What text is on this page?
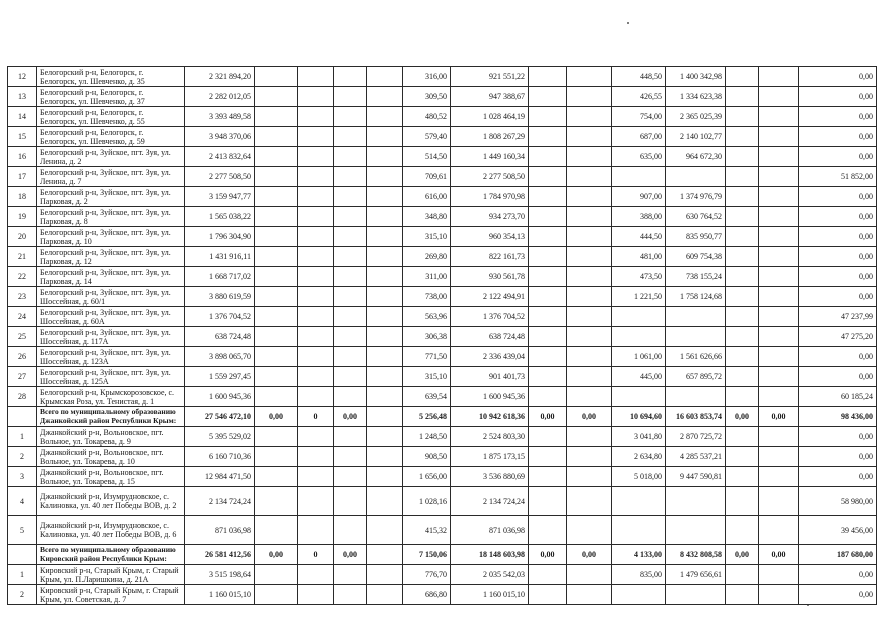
12	Белогорский р-н, Белогорск, г. Белогорск, ул. Шевченко, д. 35	2 321 894,20					316,00	921 551,22			448,50	1 400 342,98			0,00
13	Белогорский р-н, Белогорск, г. Белогорск, ул. Шевченко, д. 37	2 282 012,05					309,50	947 388,67			426,55	1 334 623,38			0,00
14	Белогорский р-н, Белогорск, г. Белогорск, ул. Шевченко, д. 55	3 393 489,58					480,52	1 028 464,19			754,00	2 365 025,39			0,00
15	Белогорский р-н, Белогорск, г. Белогорск, ул. Шевченко, д. 59	3 948 370,06					579,40	1 808 267,29			687,00	2 140 102,77			0,00
16	Белогорский р-н, Зуйское, пгт. Зуя, ул. Ленина, д. 2	2 413 832,64					514,50	1 449 160,34			635,00	964 672,30			0,00
17	Белогорский р-н, Зуйское, пгт. Зуя, ул. Ленина, д. 7	2 277 508,50					709,61	2 277 508,50							51 852,00
18	Белогорский р-н, Зуйское, пгт. Зуя, ул. Парковая, д. 2	3 159 947,77					616,00	1 784 970,98			907,00	1 374 976,79			0,00
19	Белогорский р-н, Зуйское, пгт. Зуя, ул. Парковая, д. 8	1 565 038,22					348,80	934 273,70			388,00	630 764,52			0,00
20	Белогорский р-н, Зуйское, пгт. Зуя, ул. Парковая, д. 10	1 796 304,90					315,10	960 354,13			444,50	835 950,77			0,00
21	Белогорский р-н, Зуйское, пгт. Зуя, ул. Парковая, д. 12	1 431 916,11					269,80	822 161,73			481,00	609 754,38			0,00
22	Белогорский р-н, Зуйское, пгт. Зуя, ул. Парковая, д. 14	1 668 717,02					311,00	930 561,78			473,50	738 155,24			0,00
23	Белогорский р-н, Зуйское, пгт. Зуя, ул. Шоссейная, д. 60/1	3 880 619,59					738,00	2 122 494,91			1 221,50	1 758 124,68			0,00
24	Белогорский р-н, Зуйское, пгт. Зуя, ул. Шоссейная, д. 60А	1 376 704,52					563,96	1 376 704,52							47 237,99
25	Белогорский р-н, Зуйское, пгт. Зуя, ул. Шоссейная, д. 117А	638 724,48					306,38	638 724,48							47 275,20
26	Белогорский р-н, Зуйское, пгт. Зуя, ул. Шоссейная, д. 123А	3 898 065,70					771,50	2 336 439,04			1 061,00	1 561 626,66			0,00
27	Белогорский р-н, Зуйское, пгт. Зуя, ул. Шоссейная, д. 125А	1 559 297,45					315,10	901 401,73			445,00	657 895,72			0,00
28	Белогорский р-н, Крымскорозовское, с. Крымская Роза, ул. Тенистая, д. 1	1 600 945,36					639,54	1 600 945,36							60 185,24
	Всего по муниципальному образованию Джанкойский район Республики Крым:	27 546 472,10	0,00	0	0,00		5 256,48	10 942 618,36	0,00	0,00	10 694,60	16 603 853,74	0,00	0,00	98 436,00
1	Джанкойский р-н, Вольновское, пгт. Вольное, ул. Токарева, д. 9	5 395 529,02					1 248,50	2 524 803,30			3 041,80	2 870 725,72			0,00
2	Джанкойский р-н, Вольновское, пгт. Вольное, ул. Токарева, д. 10	6 160 710,36					908,50	1 875 173,15			2 634,80	4 285 537,21			0,00
3	Джанкойский р-н, Вольновское, пгт. Вольное, ул. Токарева, д. 15	12 984 471,50					1 656,00	3 536 880,69			5 018,00	9 447 590,81			0,00
4	Джанкойский р-н, Изумрудновское, с. Калиновка, ул. 40 лет Победы ВОВ, д. 2	2 134 724,24					1 028,16	2 134 724,24							58 980,00
5	Джанкойский р-н, Изумрудновское, с. Калиновка, ул. 40 лет Победы ВОВ, д. 6	871 036,98					415,32	871 036,98							39 456,00
	Всего по муниципальному образованию Кировский район Республики Крым:	26 581 412,56	0,00	0	0,00		7 150,06	18 148 603,98	0,00	0,00	4 133,00	8 432 808,58	0,00	0,00	187 680,00
1	Кировский р-н, Старый Крым, г. Старый Крым, ул. П.Ларишкина, д. 21А	3 515 198,64					776,70	2 035 542,03			835,00	1 479 656,61			0,00
2	Кировский р-н, Старый Крым, г. Старый Крым, ул. Советская, д. 7	1 160 015,10					686,80	1 160 015,10							0,00
